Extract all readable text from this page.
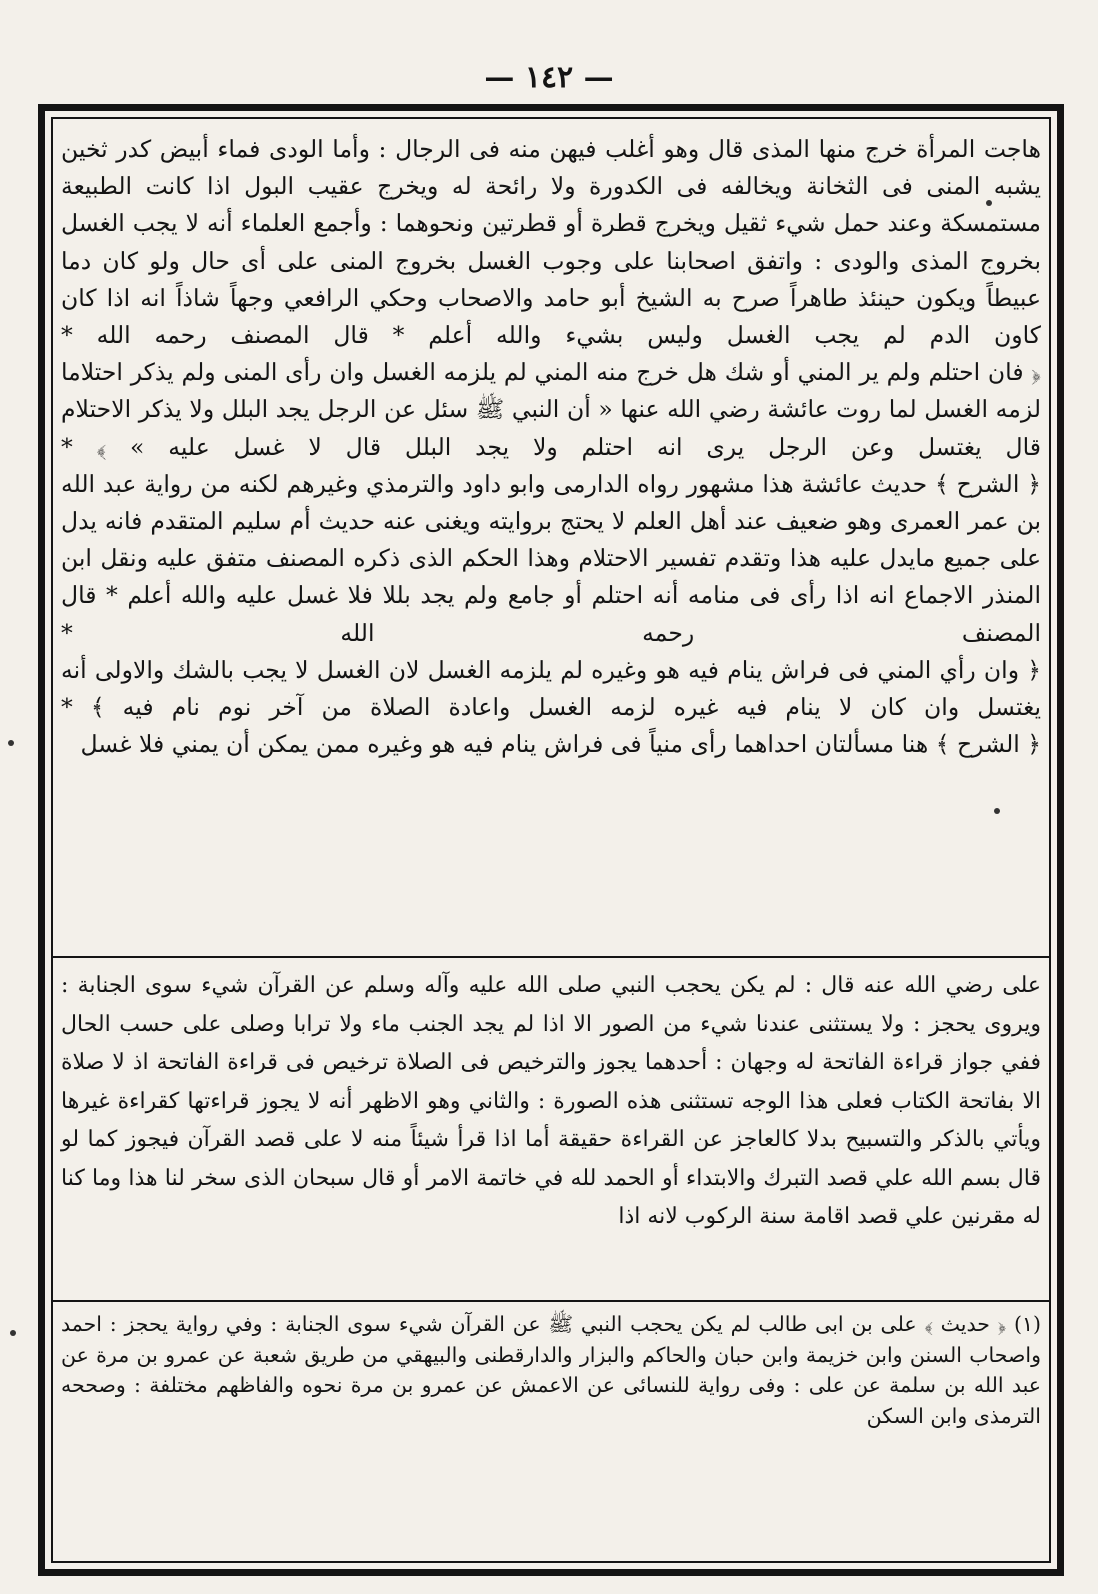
— ١٤٢ —

هاجت المرأة خرج منها المذى قال وهو أغلب فيهن منه فى الرجال : وأما الودى فماء أبيض كدر ثخين يشبه المنى فى الثخانة ويخالفه فى الكدورة ولا رائحة له ويخرج عقيب البول اذا كانت الطبيعة مستمسكة وعند حمل شيء ثقيل ويخرج قطرة أو قطرتين ونحوهما : وأجمع العلماء أنه لا يجب الغسل بخروج المذى والودى : واتفق اصحابنا على وجوب الغسل بخروج المنى على أى حال ولو كان دما عبيطاً ويكون حينئذ طاهراً صرح به الشيخ أبو حامد والاصحاب وحكي الرافعي وجهاً شاذاً انه اذا كان كاون الدم لم يجب الغسل وليس بشيء والله أعلم * قال المصنف رحمه الله *

﴿ فان احتلم ولم ير المني أو شك هل خرج منه المني لم يلزمه الغسل وان رأى المنى ولم يذكر احتلاما لزمه الغسل لما روت عائشة رضي الله عنها « أن النبي ﷺ سئل عن الرجل يجد البلل ولا يذكر الاحتلام قال يغتسل وعن الرجل يرى انه احتلم ولا يجد البلل قال لا غسل عليه » ﴾ *

﴿ الشرح ﴾ حديث عائشة هذا مشهور رواه الدارمى وابو داود والترمذي وغيرهم لكنه من رواية عبد الله بن عمر العمرى وهو ضعيف عند أهل العلم لا يحتج بروايته ويغنى عنه حديث أم سليم المتقدم فانه يدل على جميع مايدل عليه هذا وتقدم تفسير الاحتلام وهذا الحكم الذى ذكره المصنف متفق عليه ونقل ابن المنذر الاجماع انه اذا رأى فى منامه أنه احتلم أو جامع ولم يجد بللا فلا غسل عليه والله أعلم * قال المصنف رحمه الله *

﴿ وان رأي المني فى فراش ينام فيه هو وغيره لم يلزمه الغسل لان الغسل لا يجب بالشك والاولى أنه يغتسل وان كان لا ينام فيه غيره لزمه الغسل واعادة الصلاة من آخر نوم نام فيه ﴾ *

﴿ الشرح ﴾ هنا مسألتان احداهما رأى منياً فى فراش ينام فيه هو وغيره ممن يمكن أن يمني فلا غسل

على رضي الله عنه قال : لم يكن يحجب النبي صلى الله عليه وآله وسلم عن القرآن شيء سوى الجنابة : ويروى يحجز : ولا يستثنى عندنا شيء من الصور الا اذا لم يجد الجنب ماء ولا ترابا وصلى على حسب الحال ففي جواز قراءة الفاتحة له وجهان : أحدهما يجوز والترخيص فى الصلاة ترخيص فى قراءة الفاتحة اذ لا صلاة الا بفاتحة الكتاب فعلى هذا الوجه تستثنى هذه الصورة : والثاني وهو الاظهر أنه لا يجوز قراءتها كقراءة غيرها ويأتي بالذكر والتسبيح بدلا كالعاجز عن القراءة حقيقة أما اذا قرأ شيئاً منه لا على قصد القرآن فيجوز كما لو قال بسم الله علي قصد التبرك والابتداء أو الحمد لله في خاتمة الامر أو قال سبحان الذى سخر لنا هذا وما كنا له مقرنين علي قصد اقامة سنة الركوب لانه اذا

(١) ﴿ حديث ﴾ على بن ابى طالب لم يكن يحجب النبي ﷺ عن القرآن شيء سوى الجنابة : وفي رواية يحجز : احمد واصحاب السنن وابن خزيمة وابن حبان والحاكم والبزار والدارقطنى والبيهقي من طريق شعبة عن عمرو بن مرة عن عبد الله بن سلمة عن على : وفى رواية للنسائى عن الاعمش عن عمرو بن مرة نحوه والفاظهم مختلفة : وصححه الترمذى وابن السكن
